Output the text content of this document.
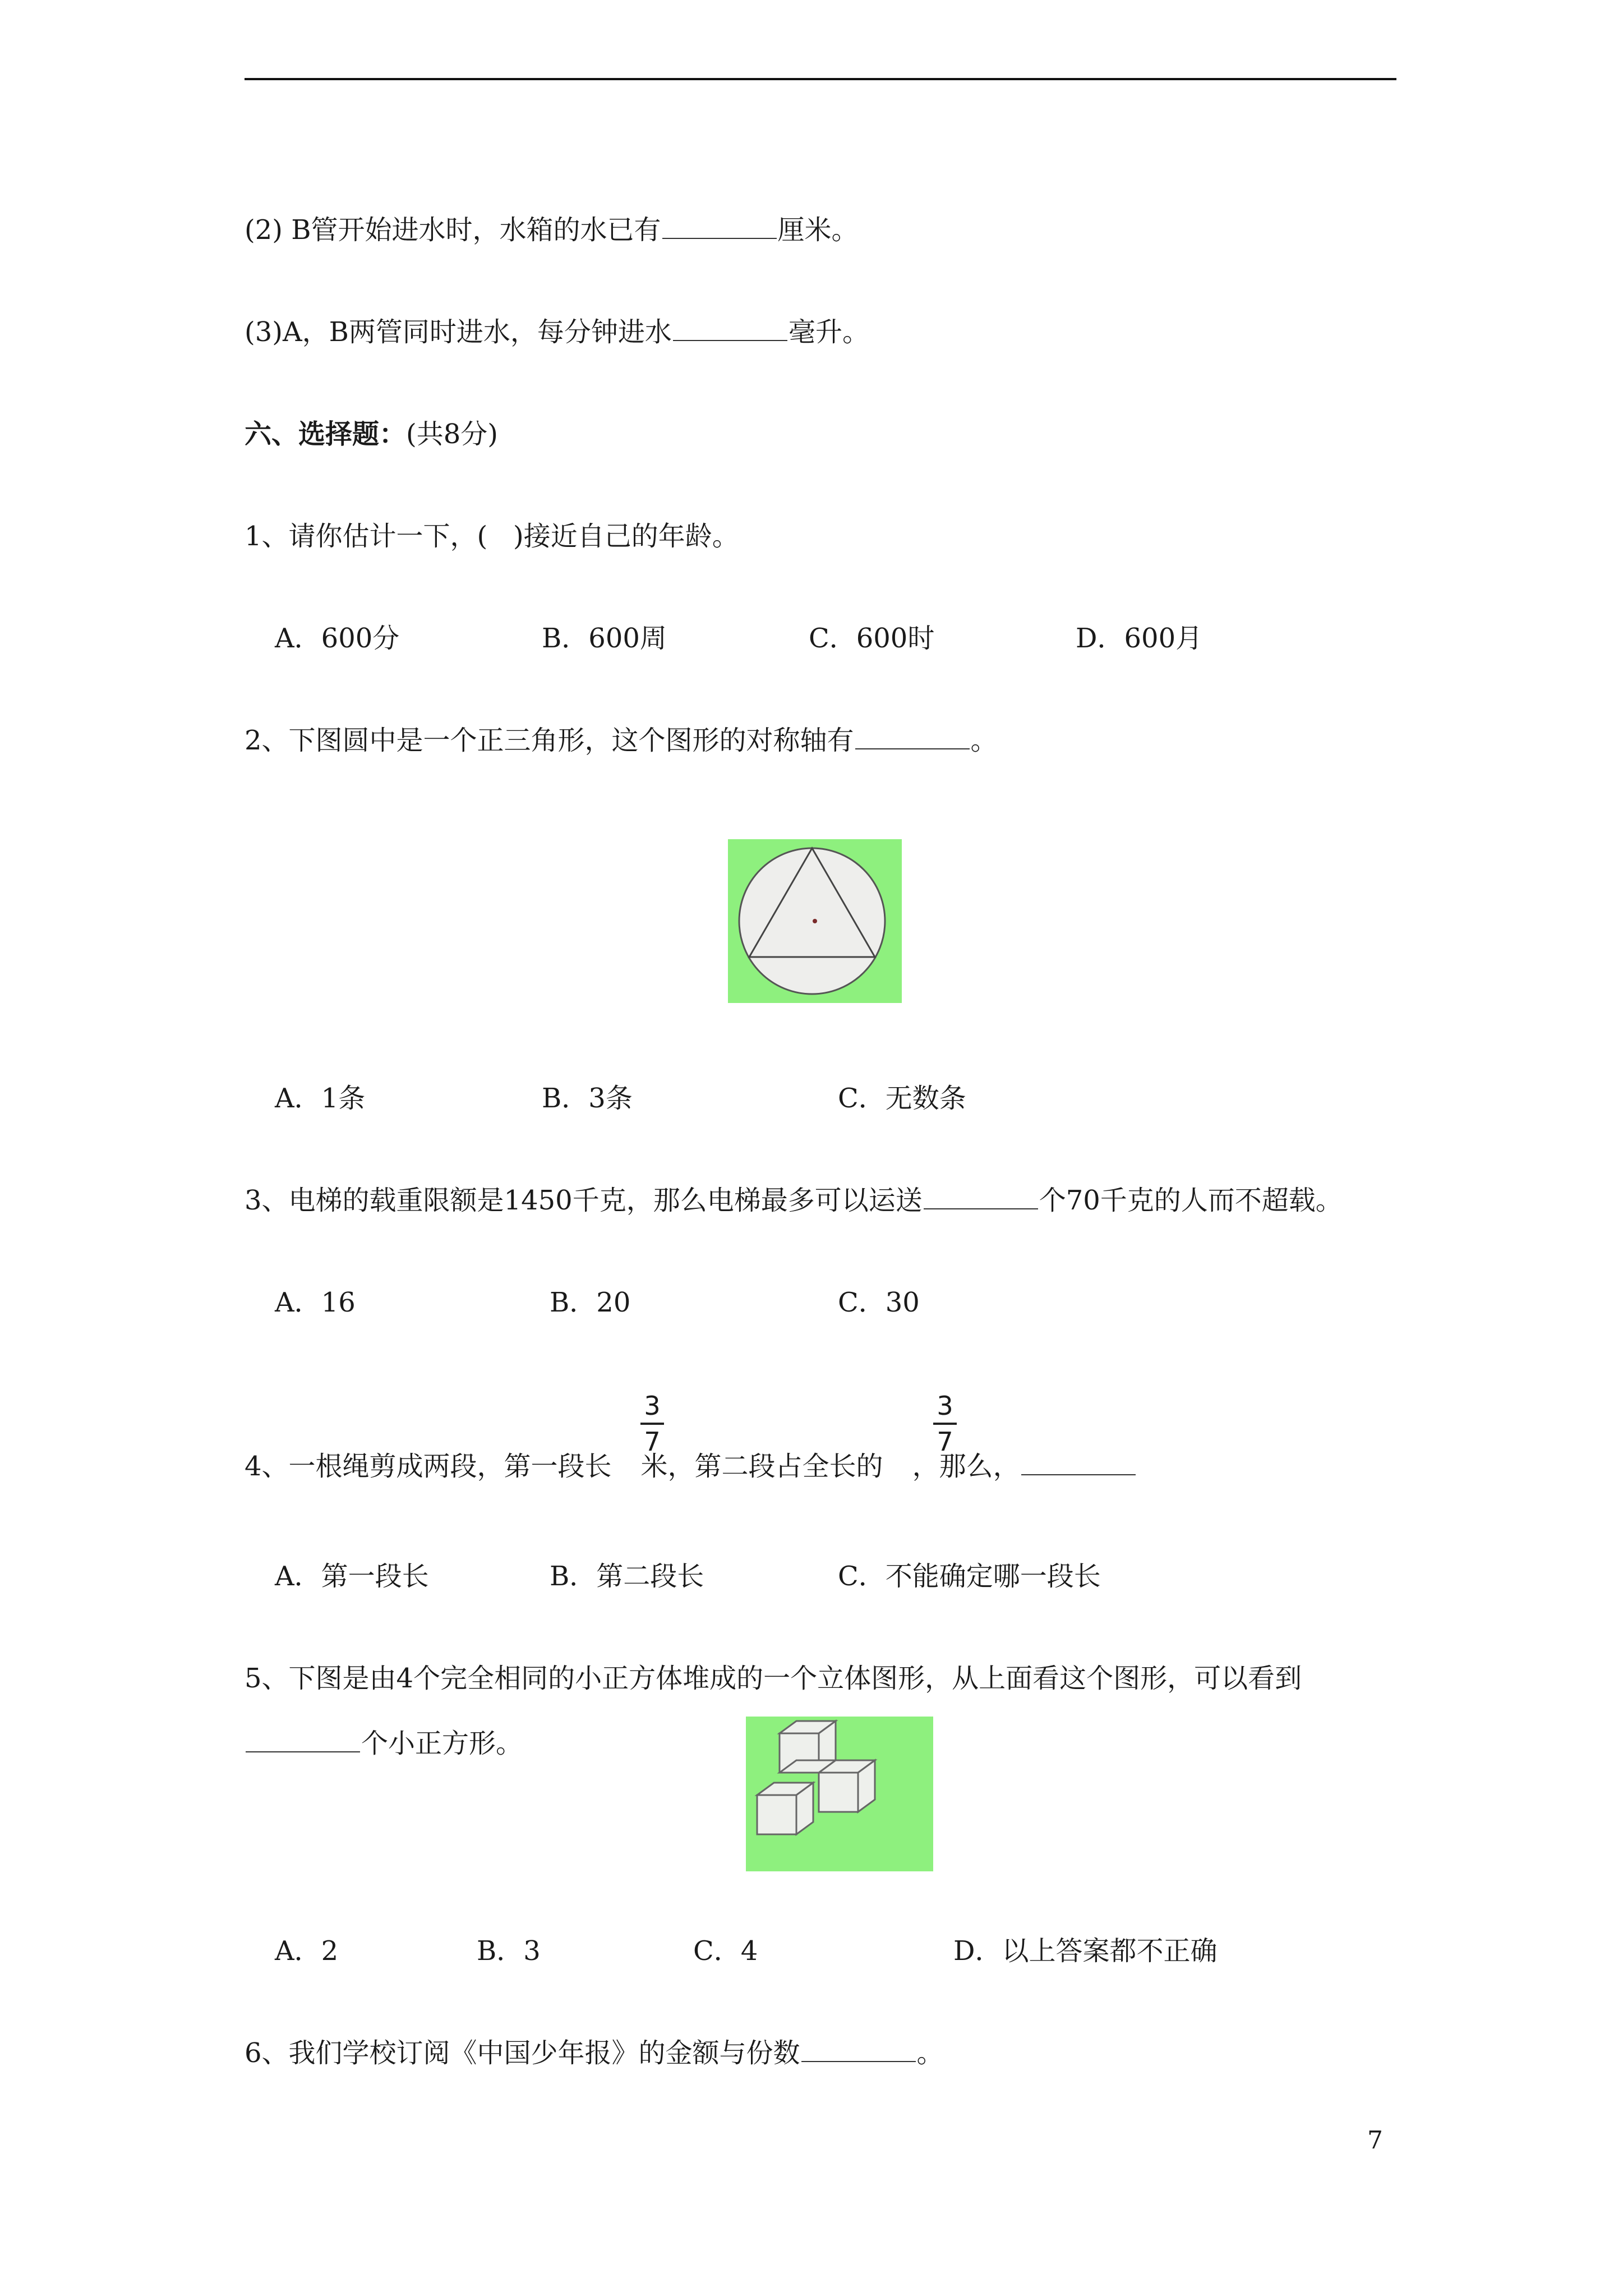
(2) B管开始进水时，水箱的水已有	厘米。
(3)A，B两管同时进水，每分钟进水	毫升。
六、选择题：(共8分)
1、请你估计一下，(   )接近自己的年龄。
A．600分	B．600周	C．600时	D．600月
2、下图圆中是一个正三角形，这个图形的对称轴有	。
A．1条	B．3条	C．无数条
3、电梯的载重限额是1450千克，那么电梯最多可以运送	个70千克的人而不超载。
A．16	B．20	C．30
4、一根绳剪成两段，第一段长 米，第二段占全长的 ，那么，
3
7
3
7
A．第一段长	B．第二段长	C．不能确定哪一段长
5、下图是由4个完全相同的小正方体堆成的一个立体图形，从上面看这个图形，可以看到
个小正方形。
A．2	B．3	C．4	D．以上答案都不正确
6、我们学校订阅《中国少年报》的金额与份数	。
7
